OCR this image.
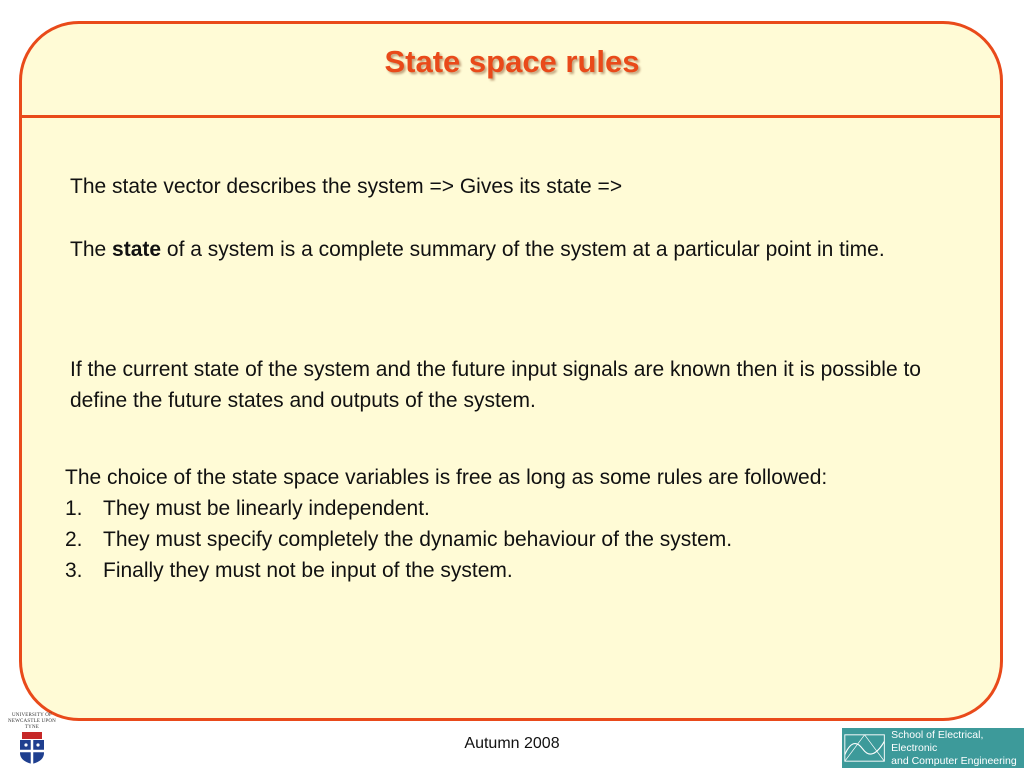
State space rules
The state vector describes the system => Gives its state =>
The state of a system is a complete summary of the system at a particular point in time.
If the current state of the system and the future input signals are known then it is possible to define the future states and outputs of the system.
The choice of the state space variables is free as long as some rules are followed:
1. They must be linearly independent.
2. They must specify completely the dynamic behaviour of the system.
3. Finally they must not be input of the system.
Autumn 2008
UNIVERSITY OF NEWCASTLE UPON TYNE
School of Electrical, Electronic
and Computer Engineering
